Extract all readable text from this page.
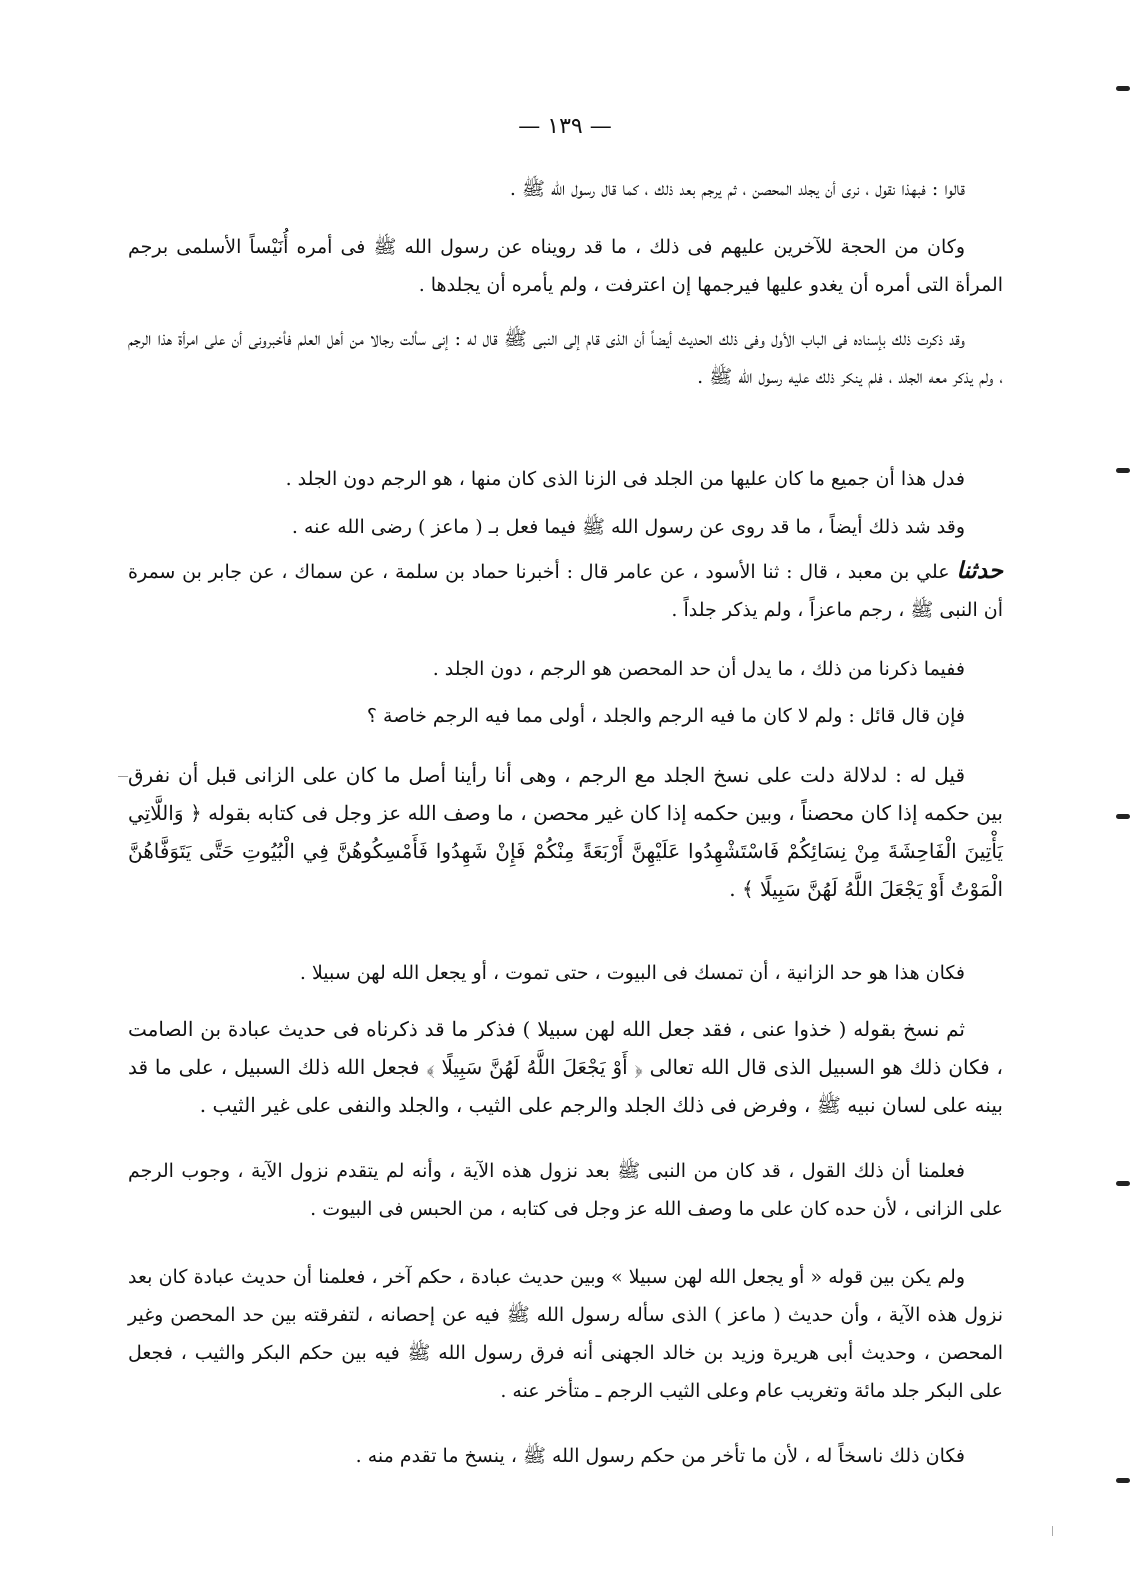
— ١٣٩ —

قالوا : فبهذا نقول ، نرى أن يجلد المحصن ، ثم يرجم بعد ذلك ، كما قال رسول الله ﷺ .

وكان من الحجة للآخرين عليهم فى ذلك ، ما قد رويناه عن رسول الله ﷺ فى أمره أُنَيْساً الأسلمى برجم المرأة التى أمره أن يغدو عليها فيرجمها إن اعترفت ، ولم يأمره أن يجلدها .

وقد ذكرت ذلك بإسناده فى الباب الأول وفى ذلك الحديث أيضاً أن الذى قام إلى النبى ﷺ قال له : إنى سألت رجالا من أهل العلم فأخبرونى أن على امرأة هذا الرجم ، ولم يذكر معه الجلد ، فلم ينكر ذلك عليه رسول الله ﷺ .

فدل هذا أن جميع ما كان عليها من الجلد فى الزنا الذى كان منها ، هو الرجم دون الجلد .

وقد شد ذلك أيضاً ، ما قد روى عن رسول الله ﷺ فيما فعل بـ ( ماعز ) رضى الله عنه .

حدثنا علي بن معبد ، قال : ثنا الأسود ، عن عامر قال : أخبرنا حماد بن سلمة ، عن سماك ، عن جابر بن سمرة أن النبى ﷺ ، رجم ماعزاً ، ولم يذكر جلداً .

ففيما ذكرنا من ذلك ، ما يدل أن حد المحصن هو الرجم ، دون الجلد .

فإن قال قائل : ولم لا كان ما فيه الرجم والجلد ، أولى مما فيه الرجم خاصة ؟

قيل له : لدلالة دلت على نسخ الجلد مع الرجم ، وهى أنا رأينا أصل ما كان على الزانى قبل أن نفرق بين حكمه إذا كان محصناً ، وبين حكمه إذا كان غير محصن ، ما وصف الله عز وجل فى كتابه بقوله ﴿ وَاللَّاتِي يَأْتِينَ الْفَاحِشَةَ مِنْ نِسَائِكُمْ فَاسْتَشْهِدُوا عَلَيْهِنَّ أَرْبَعَةً مِنْكُمْ فَإِنْ شَهِدُوا فَأَمْسِكُوهُنَّ فِي الْبُيُوتِ حَتَّى يَتَوَفَّاهُنَّ الْمَوْتُ أَوْ يَجْعَلَ اللَّهُ لَهُنَّ سَبِيلًا ﴾ .

فكان هذا هو حد الزانية ، أن تمسك فى البيوت ، حتى تموت ، أو يجعل الله لهن سبيلا .

ثم نسخ بقوله ( خذوا عنى ، فقد جعل الله لهن سبيلا ) فذكر ما قد ذكرناه فى حديث عبادة بن الصامت ، فكان ذلك هو السبيل الذى قال الله تعالى ﴿ أَوْ يَجْعَلَ اللَّهُ لَهُنَّ سَبِيلًا ﴾ فجعل الله ذلك السبيل ، على ما قد بينه على لسان نبيه ﷺ ، وفرض فى ذلك الجلد والرجم على الثيب ، والجلد والنفى على غير الثيب .

فعلمنا أن ذلك القول ، قد كان من النبى ﷺ بعد نزول هذه الآية ، وأنه لم يتقدم نزول الآية ، وجوب الرجم على الزانى ، لأن حده كان على ما وصف الله عز وجل فى كتابه ، من الحبس فى البيوت .

ولم يكن بين قوله « أو يجعل الله لهن سبيلا » وبين حديث عبادة ، حكم آخر ، فعلمنا أن حديث عبادة كان بعد نزول هذه الآية ، وأن حديث ( ماعز ) الذى سأله رسول الله ﷺ فيه عن إحصانه ، لتفرقته بين حد المحصن وغير المحصن ، وحديث أبى هريرة وزيد بن خالد الجهنى أنه فرق رسول الله ﷺ فيه بين حكم البكر والثيب ، فجعل على البكر جلد مائة وتغريب عام وعلى الثيب الرجم ـ متأخر عنه .

فكان ذلك ناسخاً له ، لأن ما تأخر من حكم رسول الله ﷺ ، ينسخ ما تقدم منه .
